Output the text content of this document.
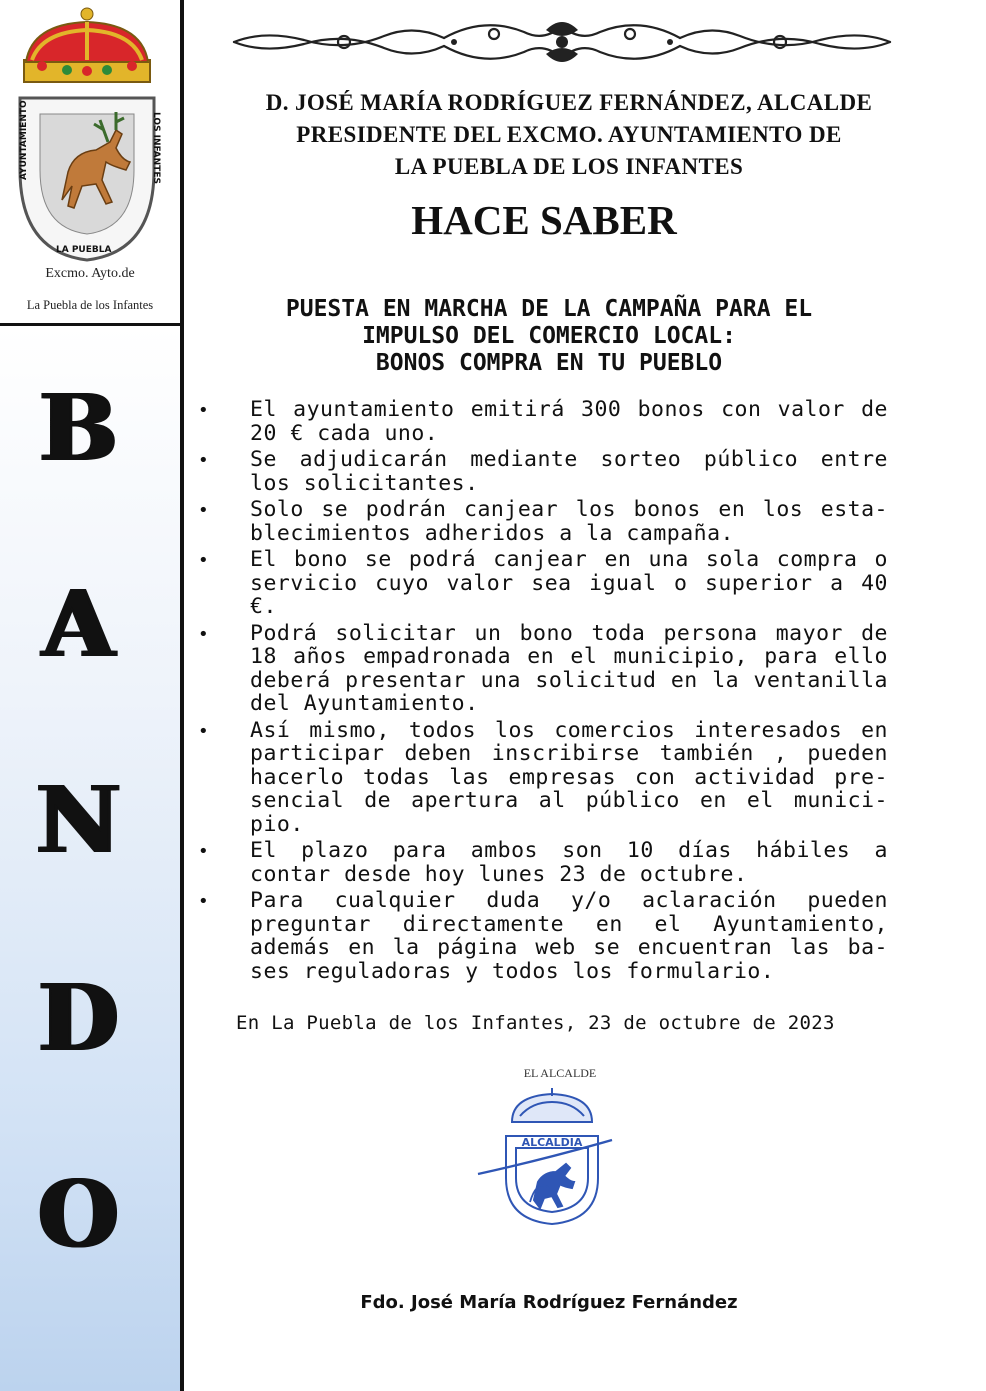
AYUNTAMIENTO	LOS INFANTES
LA PUEBLA
Excmo. Ayto.de
La Puebla de los Infantes
B
A
N
D
O
D. JOSÉ MARÍA RODRÍGUEZ FERNÁNDEZ, ALCALDE
PRESIDENTE DEL EXCMO. AYUNTAMIENTO DE
LA PUEBLA DE LOS INFANTES
HACE SABER
PUESTA EN MARCHA DE LA CAMPAÑA PARA EL
IMPULSO DEL COMERCIO LOCAL:
BONOS COMPRA EN TU PUEBLO
• El ayuntamiento emitirá 300 bonos con valor de 20 € cada uno.
• Se adjudicarán mediante sorteo público entre los solicitantes.
• Solo se podrán canjear los bonos en los esta-blecimientos adheridos a la campaña.
• El bono se podrá canjear en una sola compra o servicio cuyo valor sea igual o superior a 40 €.
• Podrá solicitar un bono toda persona mayor de 18 años empadronada en el municipio, para ello deberá presentar una solicitud en la ventanilla del Ayuntamiento.
• Así mismo, todos los comercios interesados en participar deben inscribirse también , pueden hacerlo todas las empresas con actividad pre-sencial de apertura al público en el munici-pio.
• El plazo para ambos son 10 días hábiles a contar desde hoy lunes 23 de octubre.
• Para cualquier duda y/o aclaración pueden preguntar directamente en el Ayuntamiento, además en la página web se encuentran las ba-ses reguladoras y todos los formulario.
En La Puebla de los Infantes, 23 de octubre de 2023
EL ALCALDE
ALCALDIA
Fdo. José María Rodríguez Fernández
